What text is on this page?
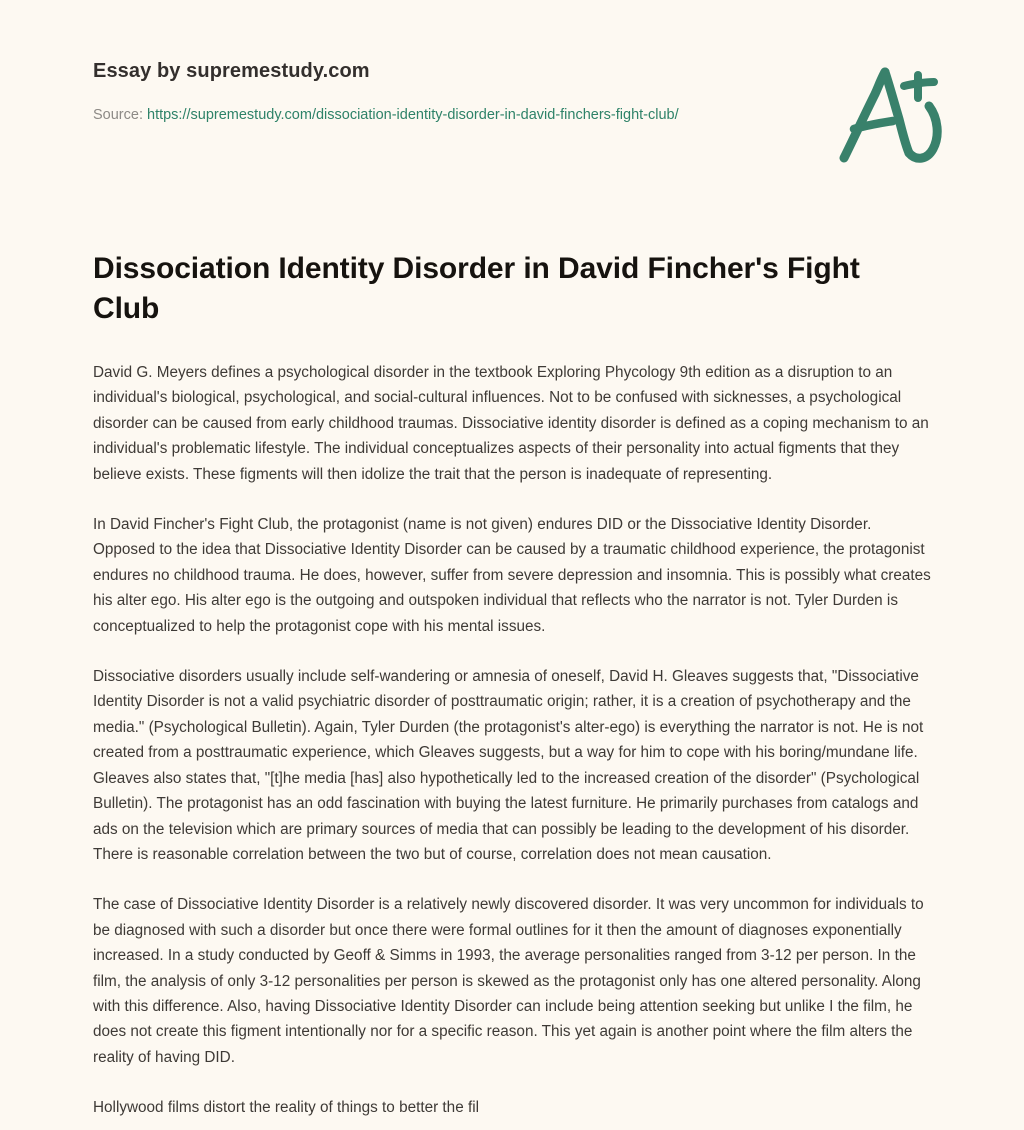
Essay by supremestudy.com
Source: https://supremestudy.com/dissociation-identity-disorder-in-david-finchers-fight-club/
Dissociation Identity Disorder in David Fincher's Fight Club

David G. Meyers defines a psychological disorder in the textbook Exploring Phycology 9th edition as a disruption to an individual's biological, psychological, and social-cultural influences. Not to be confused with sicknesses, a psychological disorder can be caused from early childhood traumas. Dissociative identity disorder is defined as a coping mechanism to an individual's problematic lifestyle. The individual conceptualizes aspects of their personality into actual figments that they believe exists. These figments will then idolize the trait that the person is inadequate of representing.

In David Fincher's Fight Club, the protagonist (name is not given) endures DID or the Dissociative Identity Disorder. Opposed to the idea that Dissociative Identity Disorder can be caused by a traumatic childhood experience, the protagonist endures no childhood trauma. He does, however, suffer from severe depression and insomnia. This is possibly what creates his alter ego. His alter ego is the outgoing and outspoken individual that reflects who the narrator is not. Tyler Durden is conceptualized to help the protagonist cope with his mental issues.

Dissociative disorders usually include self-wandering or amnesia of oneself, David H. Gleaves suggests that, "Dissociative Identity Disorder is not a valid psychiatric disorder of posttraumatic origin; rather, it is a creation of psychotherapy and the media." (Psychological Bulletin). Again, Tyler Durden (the protagonist's alter-ego) is everything the narrator is not. He is not created from a posttraumatic experience, which Gleaves suggests, but a way for him to cope with his boring/mundane life. Gleaves also states that, "[t]he media [has] also hypothetically led to the increased creation of the disorder" (Psychological Bulletin). The protagonist has an odd fascination with buying the latest furniture. He primarily purchases from catalogs and ads on the television which are primary sources of media that can possibly be leading to the development of his disorder. There is reasonable correlation between the two but of course, correlation does not mean causation.

The case of Dissociative Identity Disorder is a relatively newly discovered disorder. It was very uncommon for individuals to be diagnosed with such a disorder but once there were formal outlines for it then the amount of diagnoses exponentially increased. In a study conducted by Geoff & Simms in 1993, the average personalities ranged from 3-12 per person. In the film, the analysis of only 3-12 personalities per person is skewed as the protagonist only has one altered personality. Along with this difference. Also, having Dissociative Identity Disorder can include being attention seeking but unlike I the film, he does not create this figment intentionally nor for a specific reason. This yet again is another point where the film alters the reality of having DID.

Hollywood films distort the reality of things to better the fil
